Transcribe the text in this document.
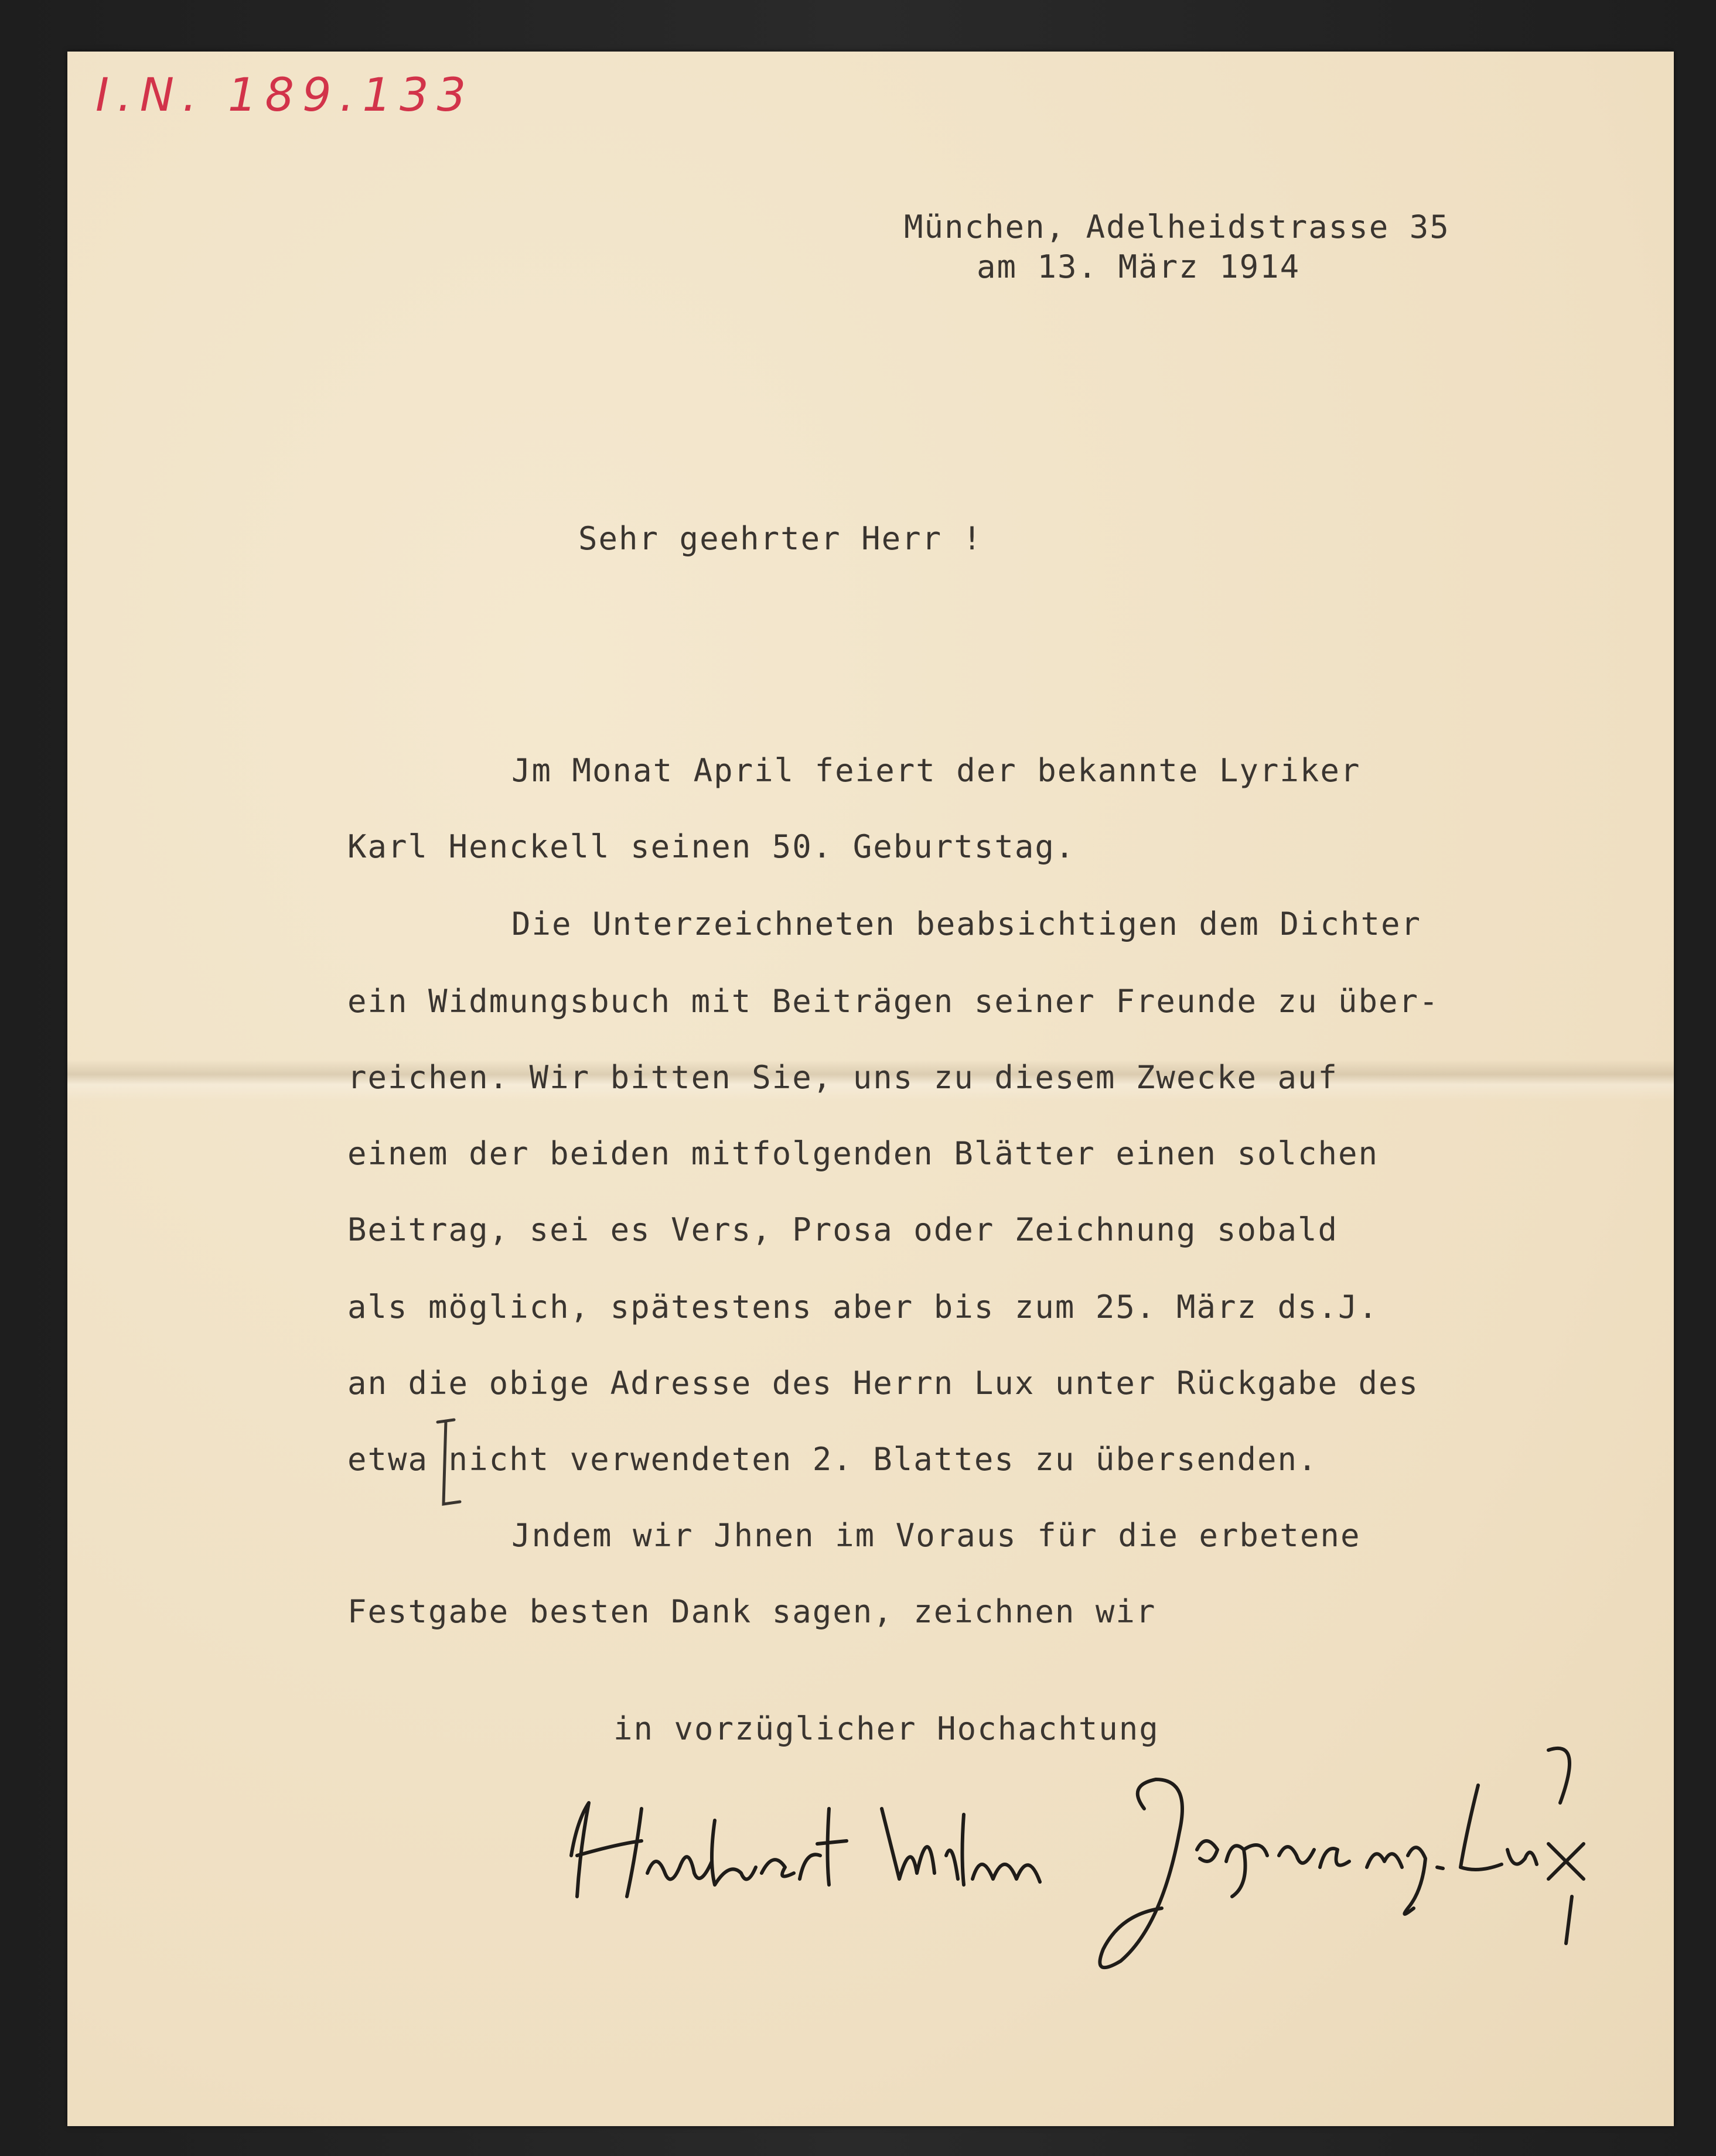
I.N. 189.133
München, Adelheidstrasse 35
am 13. März 1914
Sehr geehrter Herr !
Jm Monat April feiert der bekannte Lyriker
Karl Henckell seinen 50. Geburtstag.
Die Unterzeichneten beabsichtigen dem Dichter
ein Widmungsbuch mit Beiträgen seiner Freunde zu über-
reichen. Wir bitten Sie, uns zu diesem Zwecke auf
einem der beiden mitfolgenden Blätter einen solchen
Beitrag, sei es Vers, Prosa oder Zeichnung sobald
als möglich, spätestens aber bis zum 25. März ds.J.
an die obige Adresse des Herrn Lux unter Rückgabe des
etwa nicht verwendeten 2. Blattes zu übersenden.
Jndem wir Jhnen im Voraus für die erbetene
Festgabe besten Dank sagen, zeichnen wir
in vorzüglicher Hochachtung
